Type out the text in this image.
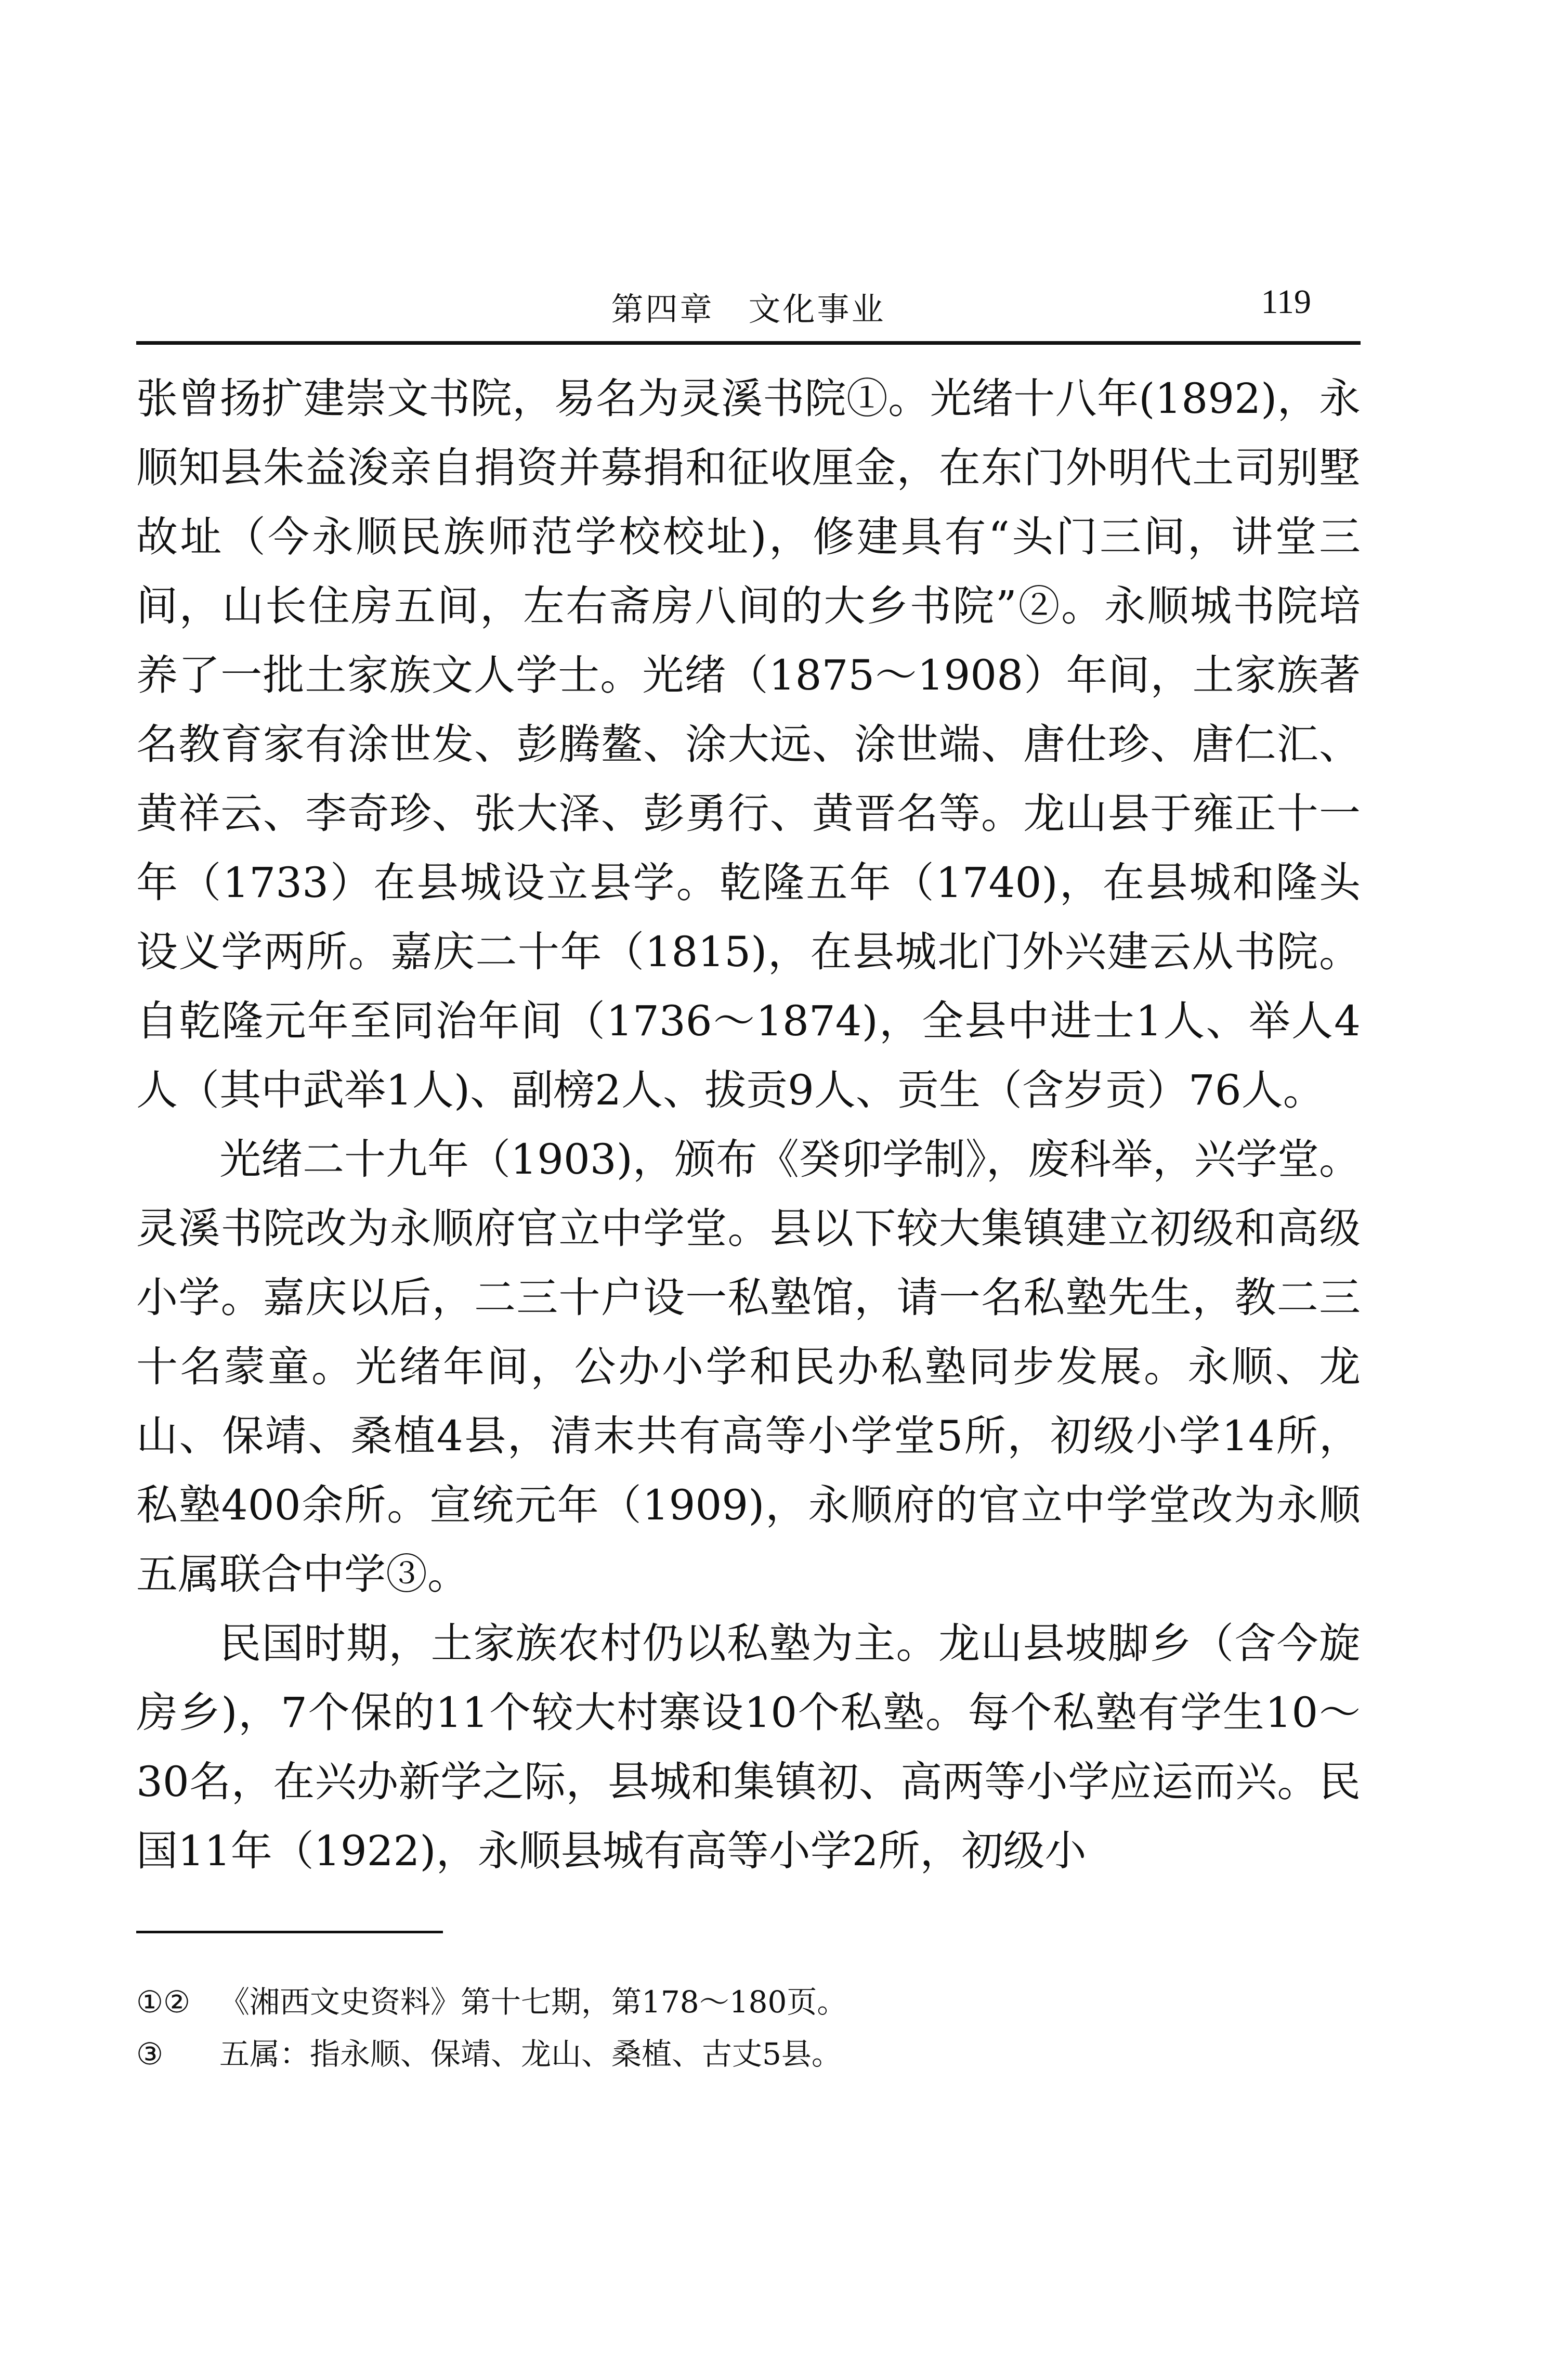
第四章　文化事业	119

张曾扬扩建崇文书院，易名为灵溪书院①。光绪十八年(1892)，永顺知县朱益浚亲自捐资并募捐和征收厘金，在东门外明代土司别墅故址（今永顺民族师范学校校址)，修建具有“头门三间，讲堂三间，山长住房五间，左右斋房八间的大乡书院”②。永顺城书院培养了一批土家族文人学士。光绪（1875～1908）年间，土家族著名教育家有涂世发、彭腾鳌、涂大远、涂世端、唐仕珍、唐仁汇、黄祥云、李奇珍、张大泽、彭勇行、黄晋名等。龙山县于雍正十一年（1733）在县城设立县学。乾隆五年（1740)，在县城和隆头设义学两所。嘉庆二十年（1815)，在县城北门外兴建云从书院。自乾隆元年至同治年间（1736～1874)，全县中进士1人、举人4人（其中武举1人)、副榜2人、拔贡9人、贡生（含岁贡）76人。

光绪二十九年（1903)，颁布《癸卯学制》，废科举，兴学堂。灵溪书院改为永顺府官立中学堂。县以下较大集镇建立初级和高级小学。嘉庆以后，二三十户设一私塾馆，请一名私塾先生，教二三十名蒙童。光绪年间，公办小学和民办私塾同步发展。永顺、龙山、保靖、桑植4县，清末共有高等小学堂5所，初级小学14所，私塾400余所。宣统元年（1909)，永顺府的官立中学堂改为永顺五属联合中学③。

民国时期，土家族农村仍以私塾为主。龙山县坡脚乡（含今旋房乡)，7个保的11个较大村寨设10个私塾。每个私塾有学生10～30名，在兴办新学之际，县城和集镇初、高两等小学应运而兴。民国11年（1922)，永顺县城有高等小学2所，初级小

①② 《湘西文史资料》第十七期，第178～180页。
③ 五属：指永顺、保靖、龙山、桑植、古丈5县。
